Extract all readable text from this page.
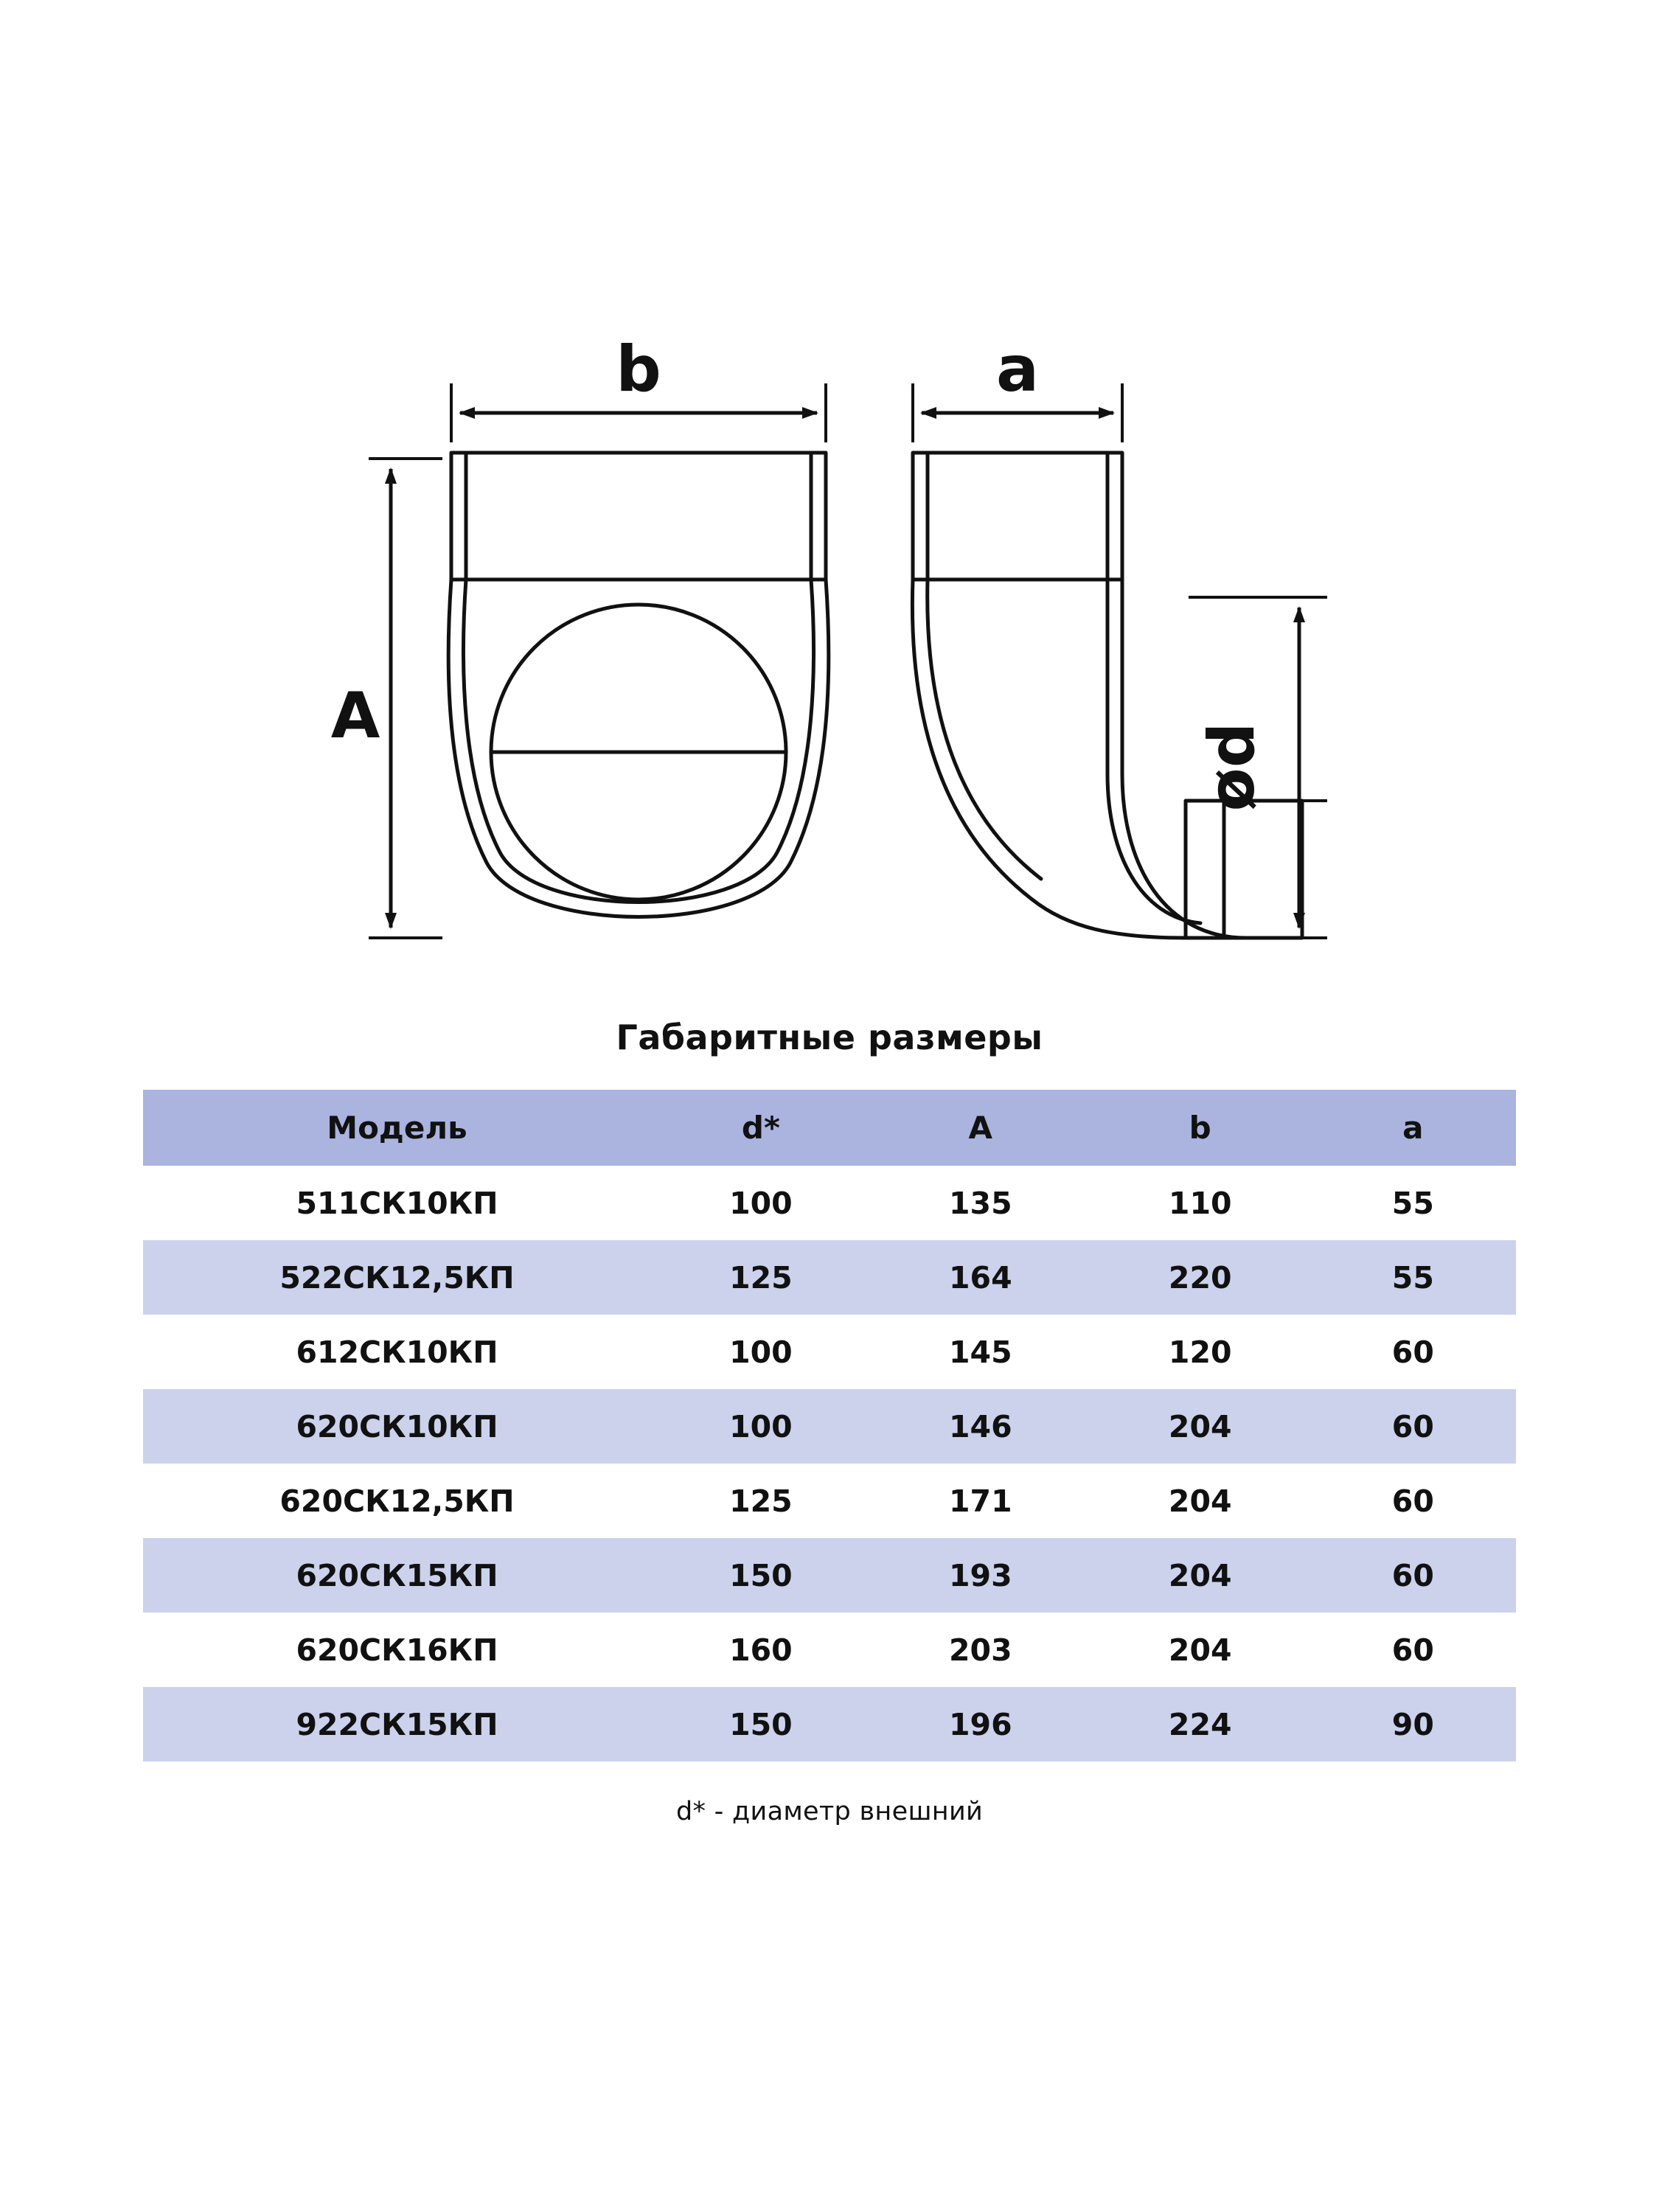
b
A
a
ød
Габаритные размеры
Модель	d*	A	b	a
511СК10КП	100	135	110	55
522СК12,5КП	125	164	220	55
612СК10КП	100	145	120	60
620СК10КП	100	146	204	60
620СК12,5КП	125	171	204	60
620СК15КП	150	193	204	60
620СК16КП	160	203	204	60
922СК15КП	150	196	224	90
d* - диаметр внешний
